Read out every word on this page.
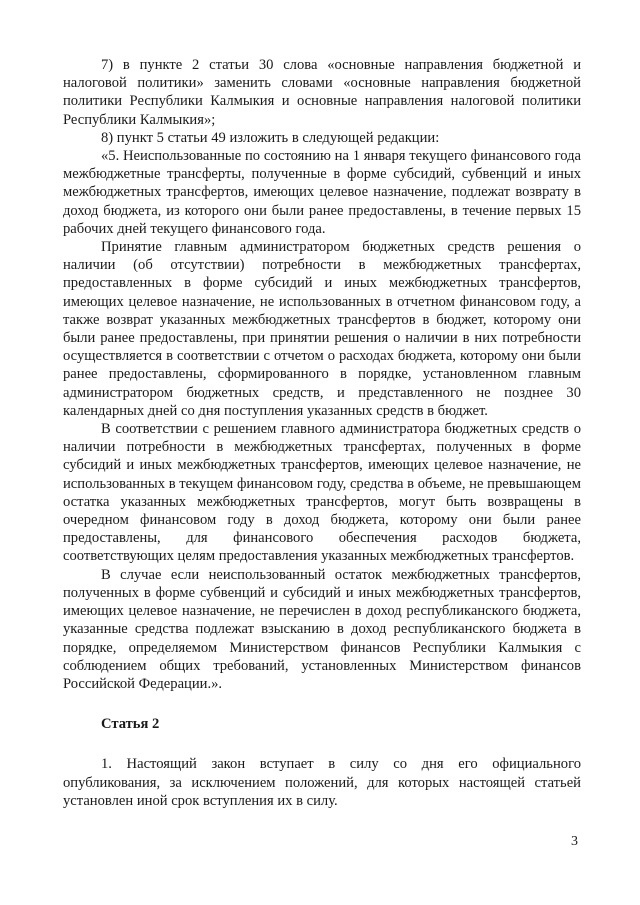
7) в пункте 2 статьи 30 слова «основные направления бюджетной и налоговой политики» заменить словами «основные направления бюджетной политики Республики Калмыкия и основные направления налоговой политики Республики Калмыкия»;

8) пункт 5 статьи 49 изложить в следующей редакции:

«5. Неиспользованные по состоянию на 1 января текущего финансового года межбюджетные трансферты, полученные в форме субсидий, субвенций и иных межбюджетных трансфертов, имеющих целевое назначение, подлежат возврату в доход бюджета, из которого они были ранее предоставлены, в течение первых 15 рабочих дней текущего финансового года.

Принятие главным администратором бюджетных средств решения о наличии (об отсутствии) потребности в межбюджетных трансфертах, предоставленных в форме субсидий и иных межбюджетных трансфертов, имеющих целевое назначение, не использованных в отчетном финансовом году, а также возврат указанных межбюджетных трансфертов в бюджет, которому они были ранее предоставлены, при принятии решения о наличии в них потребности осуществляется в соответствии с отчетом о расходах бюджета, которому они были ранее предоставлены, сформированного в порядке, установленном главным администратором бюджетных средств, и представленного не позднее 30 календарных дней со дня поступления указанных средств в бюджет.

В соответствии с решением главного администратора бюджетных средств о наличии потребности в межбюджетных трансфертах, полученных в форме субсидий и иных межбюджетных трансфертов, имеющих целевое назначение, не использованных в текущем финансовом году, средства в объеме, не превышающем остатка указанных межбюджетных трансфертов, могут быть возвращены в очередном финансовом году в доход бюджета, которому они были ранее предоставлены, для финансового обеспечения расходов бюджета, соответствующих целям предоставления указанных межбюджетных трансфертов.

В случае если неиспользованный остаток межбюджетных трансфертов, полученных в форме субвенций и субсидий и иных межбюджетных трансфертов, имеющих целевое назначение, не перечислен в доход республиканского бюджета, указанные средства подлежат взысканию в доход республиканского бюджета в порядке, определяемом Министерством финансов Республики Калмыкия с соблюдением общих требований, установленных Министерством финансов Российской Федерации.».

Статья 2

1. Настоящий закон вступает в силу со дня его официального опубликования, за исключением положений, для которых настоящей статьей установлен иной срок вступления их в силу.

3
